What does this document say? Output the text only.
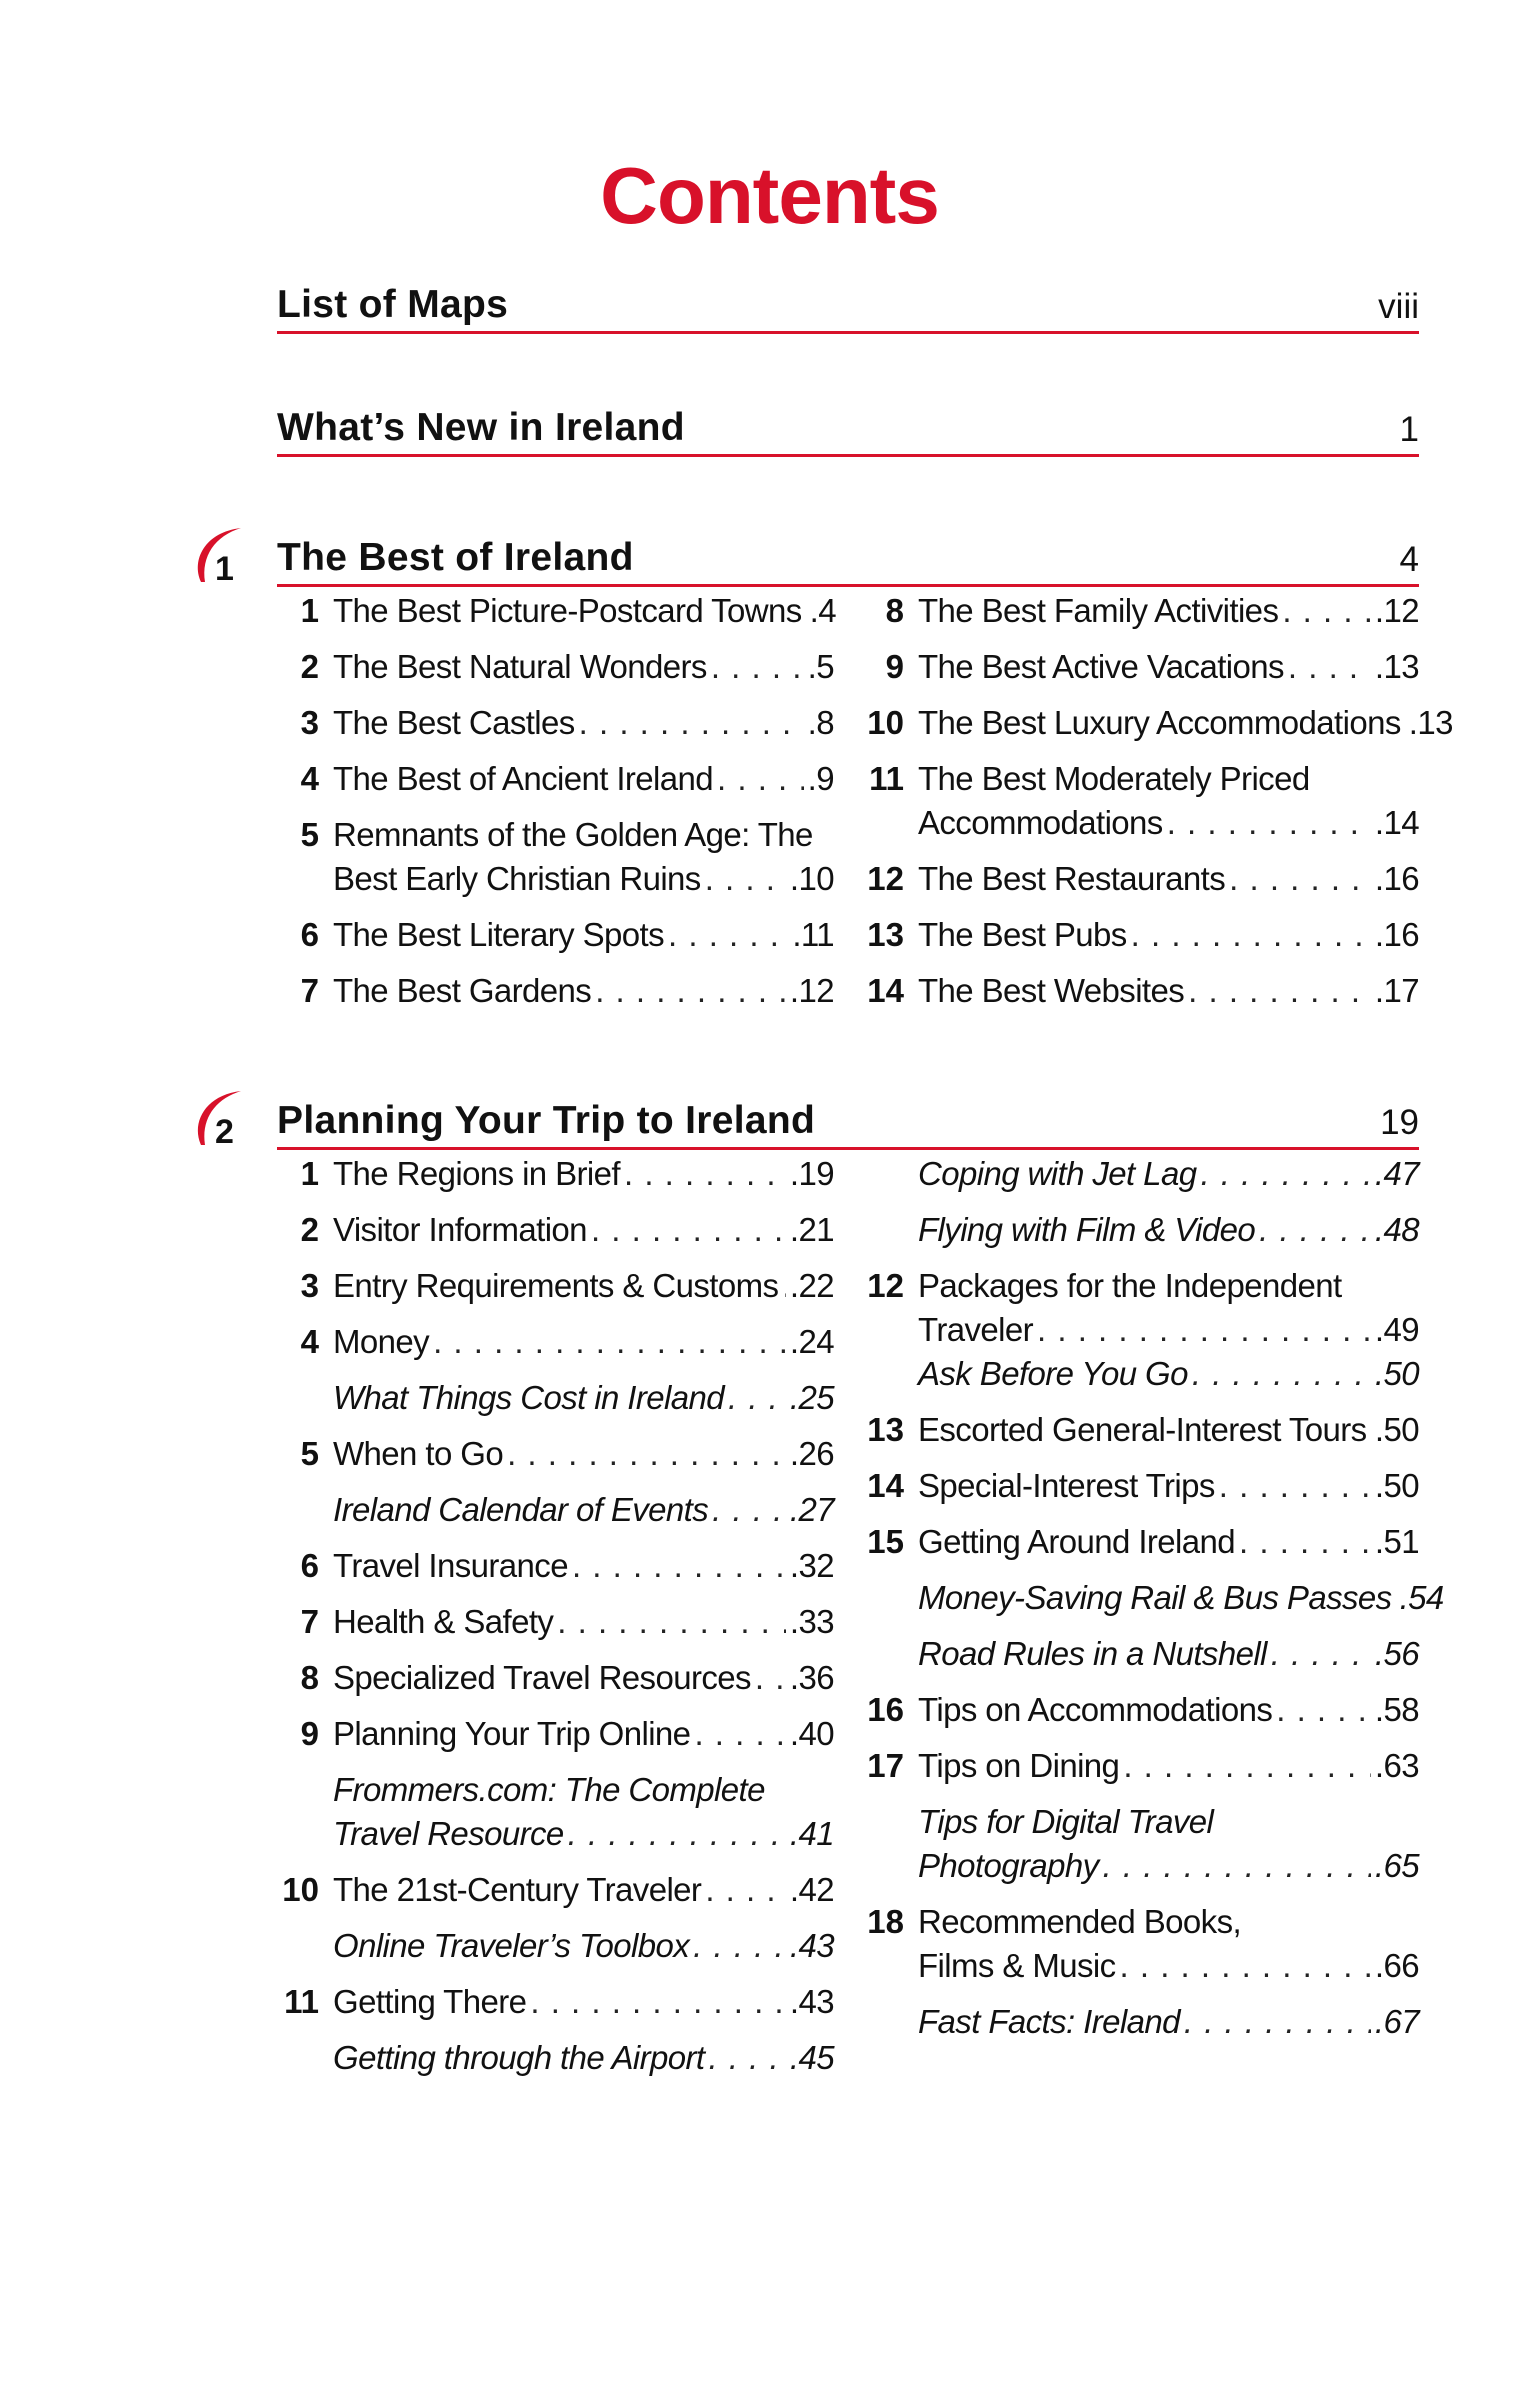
Contents
List of Maps	viii
What’s New in Ireland	1
1 The Best of Ireland	4
1 The Best Picture-Postcard Towns .4
2 The Best Natural Wonders . . .	.5
3 The Best Castles . . .	.8
4 The Best of Ancient Ireland . . .	.9
5 Remnants of the Golden Age: The
Best Early Christian Ruins . . .	.10
6 The Best Literary Spots . . .	.11
7 The Best Gardens . . .	.12
8 The Best Family Activities . . .	.12
9 The Best Active Vacations . . .	.13
10 The Best Luxury Accommodations .13
11 The Best Moderately Priced
Accommodations . . .	.14
12 The Best Restaurants . . .	.16
13 The Best Pubs . . .	.16
14 The Best Websites . . .	.17
2 Planning Your Trip to Ireland	19
1 The Regions in Brief . . .	.19
2 Visitor Information . . .	.21
3 Entry Requirements & Customs . . . .22
4 Money . . .	.24
What Things Cost in Ireland . . . .25
5 When to Go . . .	.26
Ireland Calendar of Events . . . .27
6 Travel Insurance . . .	.32
7 Health & Safety . . .	.33
8 Specialized Travel Resources . . . .36
9 Planning Your Trip Online . . .	.40
Frommers.com: The Complete
Travel Resource . . .	.41
10 The 21st-Century Traveler . . .	.42
Online Traveler’s Toolbox . . .	.43
11 Getting There . . .	.43
Getting through the Airport . . .	.45
Coping with Jet Lag . . .	.47
Flying with Film & Video . . .	.48
12 Packages for the Independent
Traveler . . .	.49
Ask Before You Go . . .	.50
13 Escorted General-Interest Tours . . . .50
14 Special-Interest Trips . . .	.50
15 Getting Around Ireland . . .	.51
Money-Saving Rail & Bus Passes .54
Road Rules in a Nutshell . . .	.56
16 Tips on Accommodations . . .	.58
17 Tips on Dining . . .	.63
Tips for Digital Travel
Photography . . .	.65
18 Recommended Books,
Films & Music . . .	.66
Fast Facts: Ireland . . .	.67
